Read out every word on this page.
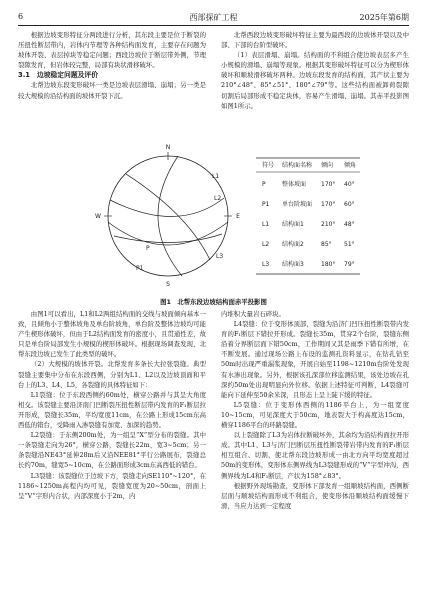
6	西部探矿工程	2025年第6期

根据边坡变形特征分两段进行分析，其东段主要是位于断裂的压扭性断层带内，岩体内节理等各种结构面发育，主要存在问题为坡体开裂、表层掉块等稳定问题；西段边坡位于断层带外侧，节理裂隙发育，但岩体较完整，局部有块状滑移破坏。

3.1　边坡稳定问题及评价

北帮边坡东段变形破坏一类是边坡表层滑塌、崩塌；另一类是较大规模的沿结构面的坡体开裂下沉。

北帮西段边坡变形破坏特征主要为最西段的边坡体开裂以及中部、下部的台阶型破坏。

（1）表层滑塌、崩塌。结构面的不利组合使边坡表层多产生小规模的滑塌、崩塌等现象。根据其变形破坏特征可以分为楔形体破坏和顺坡滑移破坏两种。边坡东段发育的结构面，其产状主要为210°∠48°、85°∠51°、180°∠79°等。这些结构面被卸荷裂隙切割后局部形成不稳定块体，容易产生滑塌、崩塌。其赤平投影图如图1所示。

N
W	E
S
L1
L2
L3
P
P1
符号 结构面名称 倾向 倾角
P	整体坡面 170° 40°
P1 单台阶坡面 170° 60°
L1 结构面1	210° 48°
L2 结构面2	85° 51°
L3 结构面3	180° 79°
图1　北帮东段边坡结构面赤平投影图

由图1可以看出，L1和L2两组结构面的交线与坡面倾向基本一致，且倾角小于整体坡角及单台阶坡角，单台阶及整体边坡均可能产生楔形体破坏，但由于L2结构面发育的密度小，且贯通性差，故只是单台阶局部发生小规模的楔形体破坏。根据现场调查发现，北帮东段边坡已发生了此类型的破坏。

（2）大规模的坡体开裂。北帮发育多条长大拉张裂缝。典型裂缝主要集中分布在东段西侧，分别为L1、L2以及边坡顶面和平台上的L3、L4、L5，各裂缝的具体特征如下：

L1裂缝：位于东段西侧约60m处，横穿公路并与其呈大角度相交。该裂缝主要沿济南门凹断裂压扭性断层带内发育的F₁断层拉开形成，裂缝长35m，平均宽度11cm，在公路上形成15cm东高西低的错台，受降雨入渗裂缝有加宽、加深的趋势。

L2裂缝：于东侧200m处，为一组呈“X”型分布的裂缝。其中一条裂缝走向为26°，横穿公路，裂缝长22m，宽3~5cm；另一条裂缝沿NE43°延伸28m后又沿NEE81°平行公路展布，裂缝总长约70m，缝宽5~10cm，在公路面形成3cm东高西低的错台。

L3裂缝：该裂缝位于边坡下方，裂缝走向SE110°~120°，在1186~1250m高程内均可见，裂缝宽度为20~50cm，剖面上呈“V”字形内合状，内部深度小于2m，内

内堆积大量岩石碎块。

L4裂缝：位于变形体顶部，裂缝为沿济门凹压扭性断裂带内发育的F₁断层下错拉开形成。裂缝长35m，贯穿2个台阶，裂缝东侧沿着分界断层面下错50cm，工作期间又其是雨季下错有所增，在不断发展。通过现场公路上布设的监测孔资料显示，在钻孔钻至50m时出现严重漏浆现象，开展自始至1198~1210m台阶处发现有水渗出现象。另外，根据该孔深部位移监测结果，该处边坡在孔深约50m处出现明显向外位移。依据上述特征可判断，L4裂缝可能向下延伸至50余米深，且形态上呈上陡下缓的特征。

L5裂缝：位于变形体西侧的1186平台上，为一组宽度10~15cm，可见深度大于50cm，地表裂大于构高度达15cm，横穿1186平台的环路裂缝。

以上裂缝除了L3为岩体拉断破坏外，其余均为沿结构面拉开形成。其中L1、L3与济门凹断层压扭性断裂带岩带内发育的F₁断层相互组合、切割，使北帮东段边坡形成一由北方向平均宽度超过50m的变形体，变形体东侧界线为L3裂缝形成的“V”字型冲沟，西侧界线为L4和F₁断层，产状为158°∠83°。

根据野外现场勘查，变形体下部发育一组顺坡结构面，西侧断层面与顺坡结构面形成不利组合，使变形体沿顺坡结构面缓慢下滑，当应力达到一定程度
